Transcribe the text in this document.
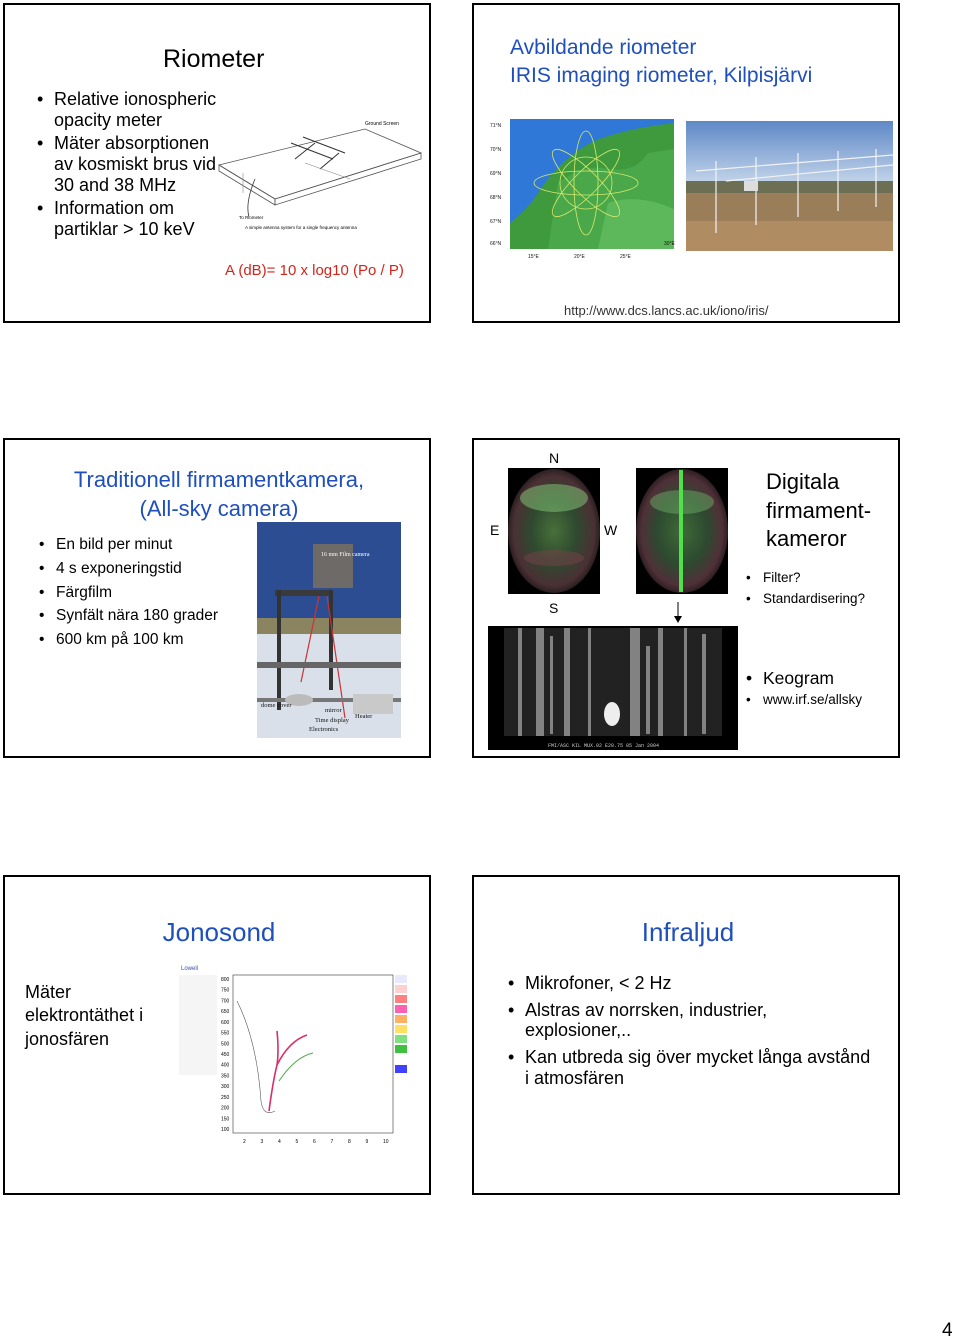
Riometer
• Relative ionospheric opacity meter
• Mäter absorptionen av kosmiskt brus vid 30 and 38 MHz
• Information om partiklar > 10 keV
Ground Screen
To Riometer
A simple antenna system for a single frequency antenna
A (dB)= 10 x log10 (Po / P)
Avbildande riometer
IRIS imaging riometer, Kilpisjärvi
71°N
70°N
69°N
68°N
67°N
66°N
15°E	20°E	25°E
30°E
http://www.dcs.lancs.ac.uk/iono/iris/
Traditionell firmamentkamera,
(All-sky camera)
• En bild per minut
• 4 s exponeringstid
• Färgfilm
• Synfält nära 180 grader
• 600 km på 100 km
16 mm Film camera
mirror
dome cover
Heater
Time display
Electronics
N
E	W
S
FMI/ASC KIL MUX.02 E20.75 05 Jan 2004
Digitala
firmament-
kameror
• Filter?
• Standardisering?
• Keogram
• www.irf.se/allsky
Jonosond
Mäter
elektrontäthet i
jonosfären
Lowell
800
750
700
650
600
550
500
450
400
350
300
250
200
150
100
2	3	4	5	6	7	8	9	10
Infraljud
• Mikrofoner, < 2 Hz
• Alstras av norrsken, industrier, explosioner,..
• Kan utbreda sig över mycket långa avstånd i atmosfären
4
